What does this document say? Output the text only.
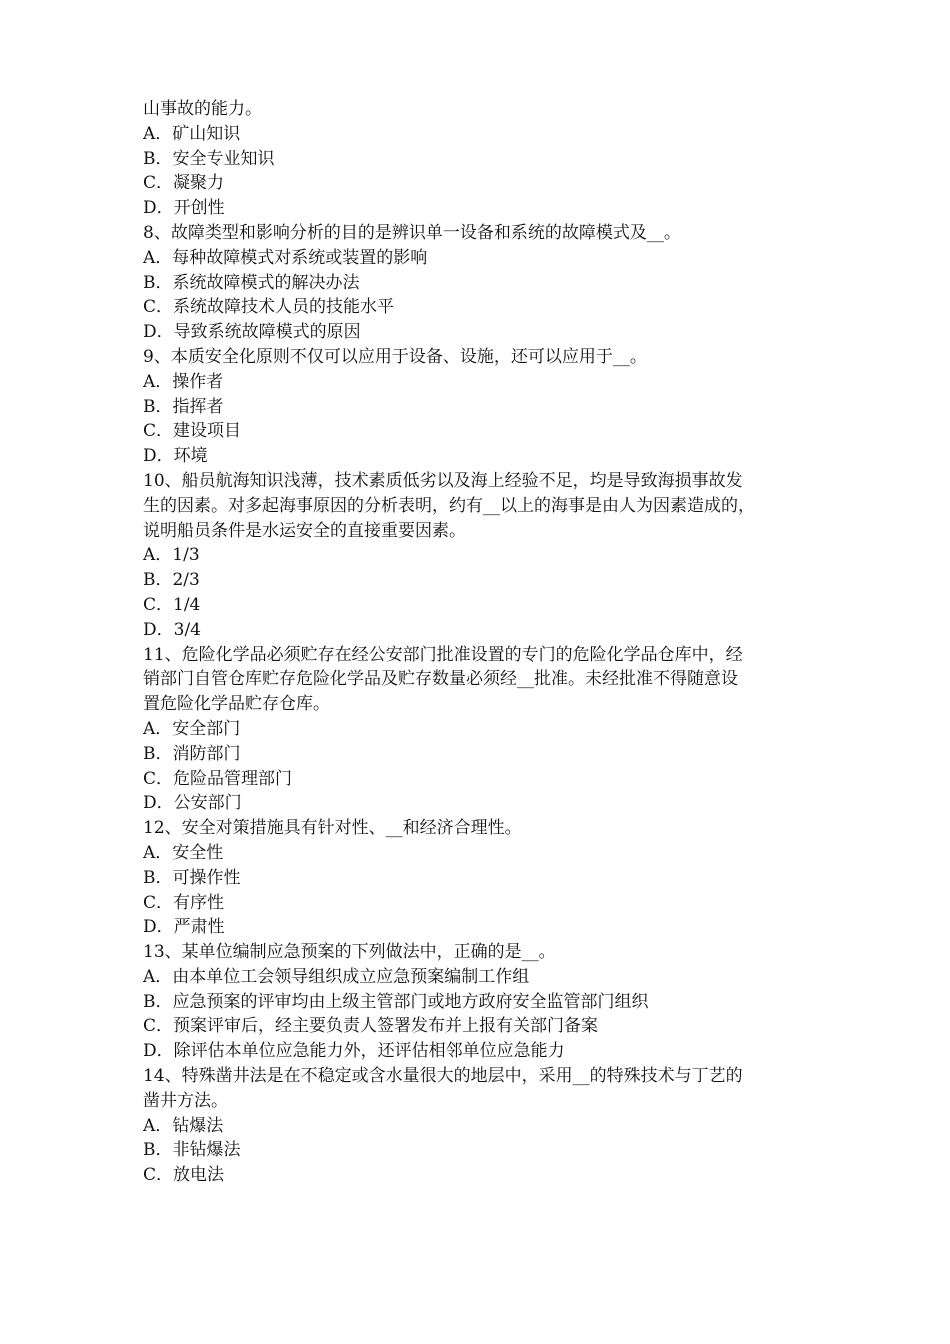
山事故的能力。
A．矿山知识
B．安全专业知识
C．凝聚力
D．开创性
8、故障类型和影响分析的目的是辨识单一设备和系统的故障模式及__。
A．每种故障模式对系统或装置的影响
B．系统故障模式的解决办法
C．系统故障技术人员的技能水平
D．导致系统故障模式的原因
9、本质安全化原则不仅可以应用于设备、设施，还可以应用于__。
A．操作者
B．指挥者
C．建设项目
D．环境
10、船员航海知识浅薄，技术素质低劣以及海上经验不足，均是导致海损事故发
生的因素。对多起海事原因的分析表明，约有__以上的海事是由人为因素造成的，
说明船员条件是水运安全的直接重要因素。
A．1/3
B．2/3
C．1/4
D．3/4
11、危险化学品必须贮存在经公安部门批准设置的专门的危险化学品仓库中，经
销部门自管仓库贮存危险化学品及贮存数量必须经__批准。未经批准不得随意设
置危险化学品贮存仓库。
A．安全部门
B．消防部门
C．危险品管理部门
D．公安部门
12、安全对策措施具有针对性、__和经济合理性。
A．安全性
B．可操作性
C．有序性
D．严肃性
13、某单位编制应急预案的下列做法中，正确的是__。
A．由本单位工会领导组织成立应急预案编制工作组
B．应急预案的评审均由上级主管部门或地方政府安全监管部门组织
C．预案评审后，经主要负责人签署发布并上报有关部门备案
D．除评估本单位应急能力外，还评估相邻单位应急能力
14、特殊凿井法是在不稳定或含水量很大的地层中，采用__的特殊技术与丁艺的
凿井方法。
A．钻爆法
B．非钻爆法
C．放电法
